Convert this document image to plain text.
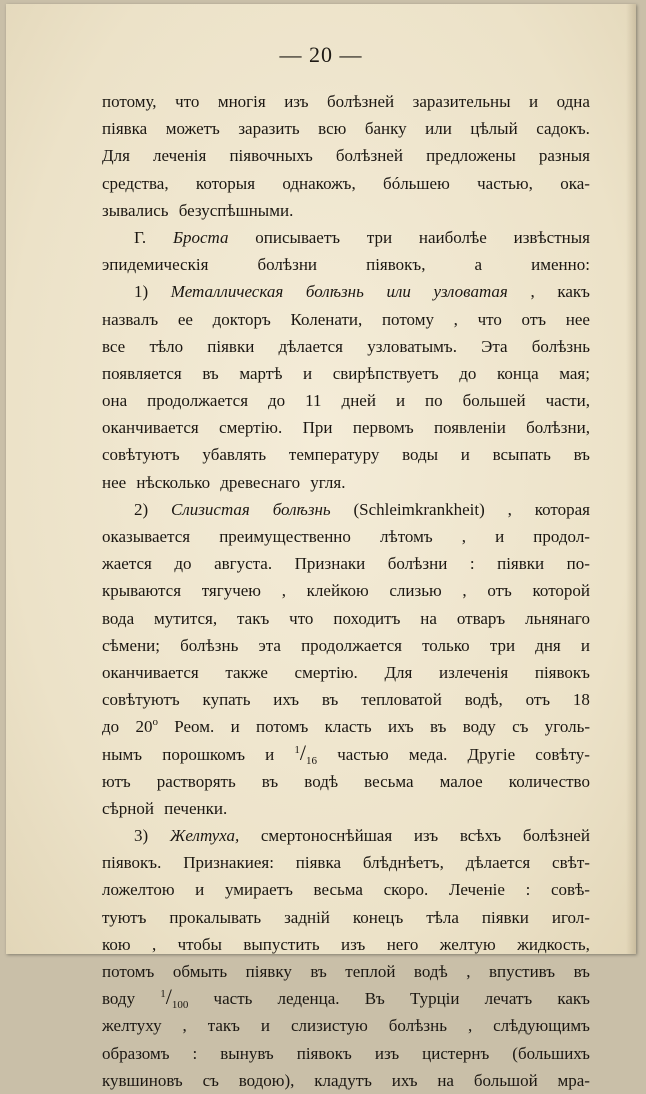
— 20 —
потому, что многія изъ болѣзней заразительны и одна
піявка можетъ заразить всю банку или цѣлый садокъ.
Для леченія піявочныхъ болѣзней предложены разныя
средства, которыя однакожъ, бóльшею частью, ока-
зывались безуспѣшными.
Г. Броста описываетъ три наиболѣе извѣстныя
эпидемическія	болѣзни	піявокъ,	а	именно:
1) Металлическая болѣзнь или узловатая , какъ
назвалъ ее докторъ Коленати, потому , что отъ нее
все тѣло піявки дѣлается узловатымъ. Эта болѣзнь
появляется въ мартѣ и свирѣпствуетъ до конца мая;
она продолжается до 11 дней и по большей части,
оканчивается смертію. При первомъ появленіи болѣзни,
совѣтуютъ убавлять температуру воды и всыпать въ
нее нѣсколько древеснаго угля.
2) Слизистая болѣзнь (Schleimkrankheit) , которая
оказывается преимущественно лѣтомъ , и продол-
жается до августа. Признаки болѣзни : піявки по-
крываются тягучею , клейкою слизью , отъ которой
вода мутится, такъ что походитъ на отваръ льнянаго
сѣмени; болѣзнь эта продолжается только три дня и
оканчивается также смертію. Для излеченія піявокъ
совѣтуютъ купать ихъ въ тепловатой водѣ, отъ 18
до 20$^o$ Реом. и потомъ класть ихъ въ воду съ уголь-
нымъ порошкомъ и $^1/_{16}$ частью меда. Другіе совѣту-
ютъ растворять въ водѣ весьма малое количество
сѣрной печенки.
3) Желтуха, смертоноснѣйшая изъ всѣхъ болѣзней
піявокъ. Признакиея: піявка блѣднѣетъ, дѣлается свѣт-
ложелтою и умираетъ весьма скоро. Леченіе : совѣ-
туютъ прокалывать задній конецъ тѣла піявки игол-
кою , чтобы выпустить изъ него желтую жидкость,
потомъ обмыть піявку въ теплой водѣ , впустивъ въ
воду $^1/_{100}$ часть леденца. Въ Турціи лечатъ какъ
желтуху , такъ и слизистую болѣзнь , слѣдующимъ
образомъ : вынувъ піявокъ изъ цистернъ (большихъ
кувшиновъ съ водою), кладутъ ихъ на большой мра-
